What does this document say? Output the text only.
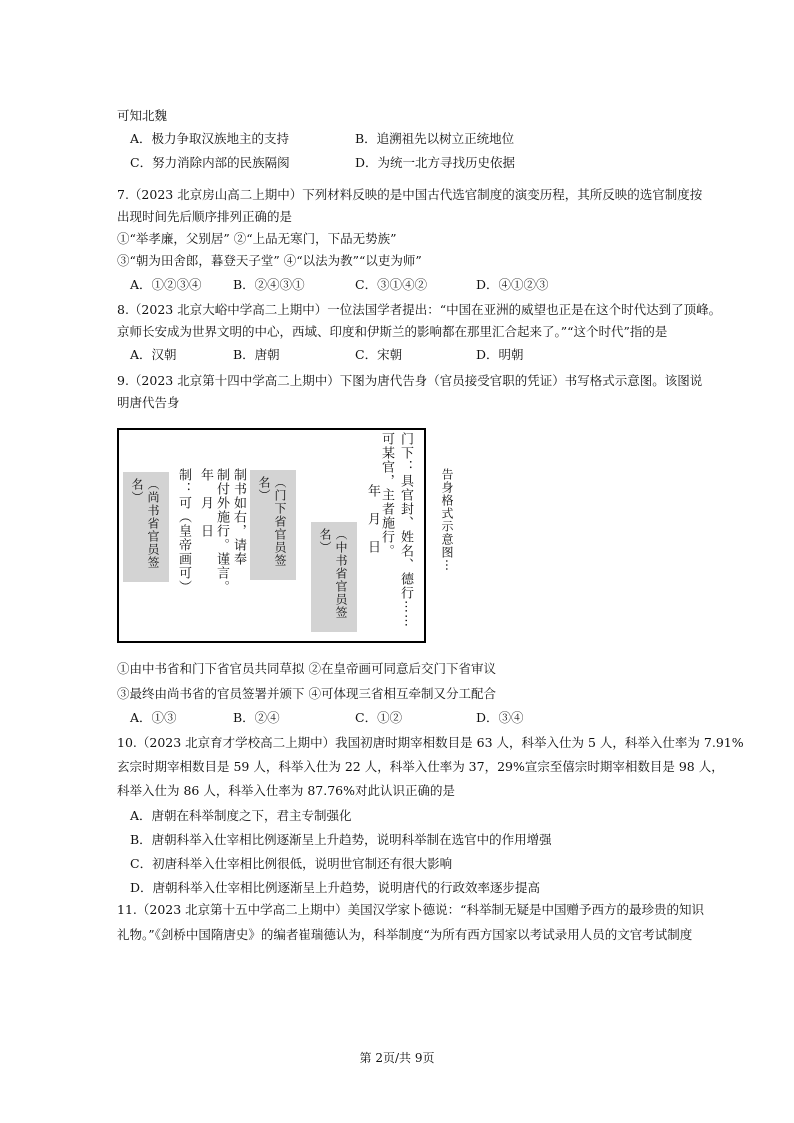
可知北魏
7.（2023 北京房山高二上期中）下列材料反映的是中国古代选官制度的演变历程，其所反映的选官制度按
出现时间先后顺序排列正确的是
①“举孝廉，父别居” ②“上品无寒门，下品无势族”
③“朝为田舍郎，暮登天子堂” ④“以法为教”“以吏为师”
8.（2023 北京大峪中学高二上期中）一位法国学者提出：“中国在亚洲的威望也正是在这个时代达到了顶峰。
京师长安成为世界文明的中心，西域、印度和伊斯兰的影响都在那里汇合起来了。”“这个时代”指的是
9.（2023 北京第十四中学高二上期中）下图为唐代告身（官员接受官职的凭证）书写格式示意图。该图说
明唐代告身
①由中书省和门下省官员共同草拟 ②在皇帝画可同意后交门下省审议
③最终由尚书省的官员签署并颁下 ④可体现三省相互牵制又分工配合
10.（2023 北京育才学校高二上期中）我国初唐时期宰相数目是 63 人，科举入仕为 5 人，科举入仕率为 7.91%
玄宗时期宰相数目是 59 人，科举入仕为 22 人，科举入仕率为 37，29%宣宗至僖宗时期宰相数目是 98 人，
科举入仕为 86 人，科举入仕率为 87.76%对此认识正确的是
11.（2023 北京第十五中学高二上期中）美国汉学家卜德说：“科举制无疑是中国赠予西方的最珍贵的知识
礼物。”《剑桥中国隋唐史》的编者崔瑞德认为，科举制度“为所有西方国家以考试录用人员的文官考试制度
A．极力争取汉族地主的支持	B．追溯祖先以树立正统地位
C．努力消除内部的民族隔阂	D．为统一北方寻找历史依据
A．①②③④	B．②④③①	C．③①④②	D．④①②③
A．汉朝	B．唐朝	C．宋朝	D．明朝
A．①③	B．②④	C．①②	D．③④
A．唐朝在科举制度之下，君主专制强化
B．唐朝科举入仕宰相比例逐渐呈上升趋势，说明科举制在选官中的作用增强
C．初唐科举入仕宰相比例很低，说明世官制还有很大影响
D．唐朝科举入仕宰相比例逐渐呈上升趋势，说明唐代的行政效率逐步提高
门下：具官封、姓名、德行⋯⋯
可某官，主者施行。
年　月　日
（中书省官员签名）
（门下省官员签名）
制书如右，请奉
制付外施行。谨言。
年　月　日
制：可（皇帝画可）
（尚书省官员签名）	告身格式示意图⋯
第 2页/共 9页
